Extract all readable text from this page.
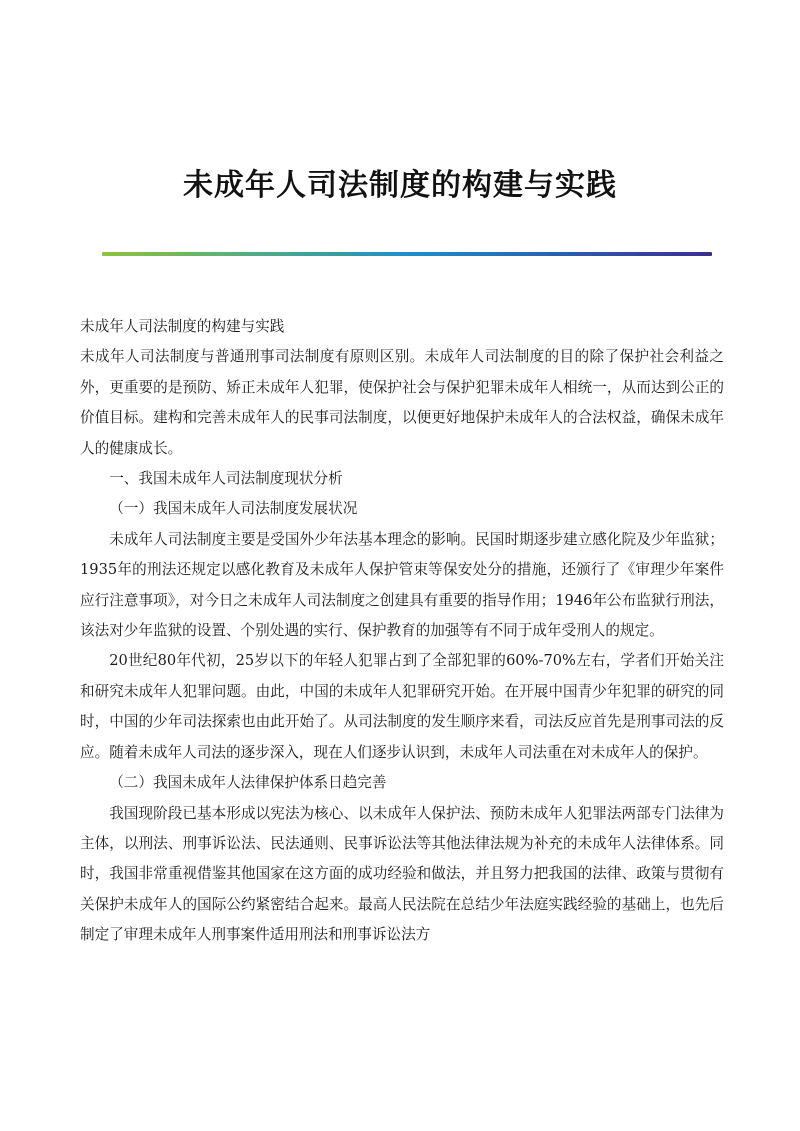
未成年人司法制度的构建与实践

未成年人司法制度的构建与实践

未成年人司法制度与普通刑事司法制度有原则区别。未成年人司法制度的目的除了保护社会利益之外，更重要的是预防、矫正未成年人犯罪，使保护社会与保护犯罪未成年人相统一，从而达到公正的价值目标。建构和完善未成年人的民事司法制度，以便更好地保护未成年人的合法权益，确保未成年人的健康成长。

一、我国未成年人司法制度现状分析

（一）我国未成年人司法制度发展状况

未成年人司法制度主要是受国外少年法基本理念的影响。民国时期逐步建立感化院及少年监狱；1935年的刑法还规定以感化教育及未成年人保护管束等保安处分的措施，还颁行了《审理少年案件应行注意事项》，对今日之未成年人司法制度之创建具有重要的指导作用；1946年公布监狱行刑法，该法对少年监狱的设置、个别处遇的实行、保护教育的加强等有不同于成年受刑人的规定。

20世纪80年代初，25岁以下的年轻人犯罪占到了全部犯罪的60%-70%左右，学者们开始关注和研究未成年人犯罪问题。由此，中国的未成年人犯罪研究开始。在开展中国青少年犯罪的研究的同时，中国的少年司法探索也由此开始了。从司法制度的发生顺序来看，司法反应首先是刑事司法的反应。随着未成年人司法的逐步深入，现在人们逐步认识到，未成年人司法重在对未成年人的保护。

（二）我国未成年人法律保护体系日趋完善

我国现阶段已基本形成以宪法为核心、以未成年人保护法、预防未成年人犯罪法两部专门法律为主体，以刑法、刑事诉讼法、民法通则、民事诉讼法等其他法律法规为补充的未成年人法律体系。同时，我国非常重视借鉴其他国家在这方面的成功经验和做法，并且努力把我国的法律、政策与贯彻有关保护未成年人的国际公约紧密结合起来。最高人民法院在总结少年法庭实践经验的基础上，也先后制定了审理未成年人刑事案件适用刑法和刑事诉讼法方
